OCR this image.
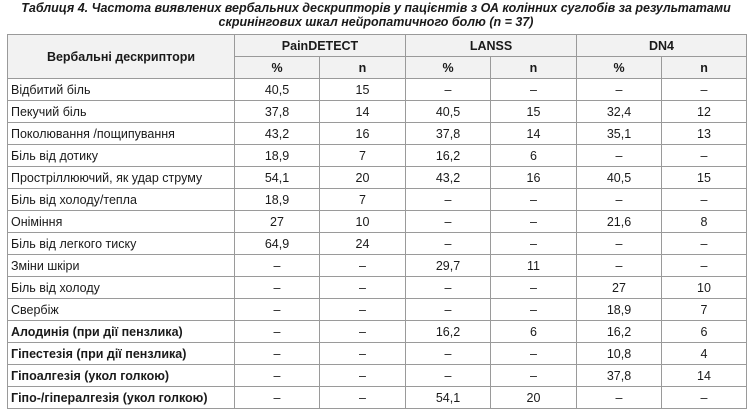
Таблиця 4. Частота виявлених вербальних дескрипторів у пацієнтів з ОА колінних суглобів за результатами
скринінгових шкал нейропатичного болю (n = 37)
Вербальні дескриптори	PainDETECT		LANSS		DN4	
	%	n	%	n	%	n
Відбитий біль	40,5	15	–	–	–	–
Пекучий біль	37,8	14	40,5	15	32,4	12
Поколювання /пощипування	43,2	16	37,8	14	35,1	13
Біль від дотику	18,9	7	16,2	6	–	–
Простріллюючий, як удар струму	54,1	20	43,2	16	40,5	15
Біль від холоду/тепла	18,9	7	–	–	–	–
Оніміння	27	10	–	–	21,6	8
Біль від легкого тиску	64,9	24	–	–	–	–
Зміни шкіри	–	–	29,7	11	–	–
Біль від холоду	–	–	–	–	27	10
Свербіж	–	–	–	–	18,9	7
Алодинія (при дії пензлика)	–	–	16,2	6	16,2	6
Гіпестезія (при дії пензлика)	–	–	–	–	10,8	4
Гіпоалгезія (укол голкою)	–	–	–	–	37,8	14
Гіпо-/гіпералгезія (укол голкою)	–	–	54,1	20	–	–
